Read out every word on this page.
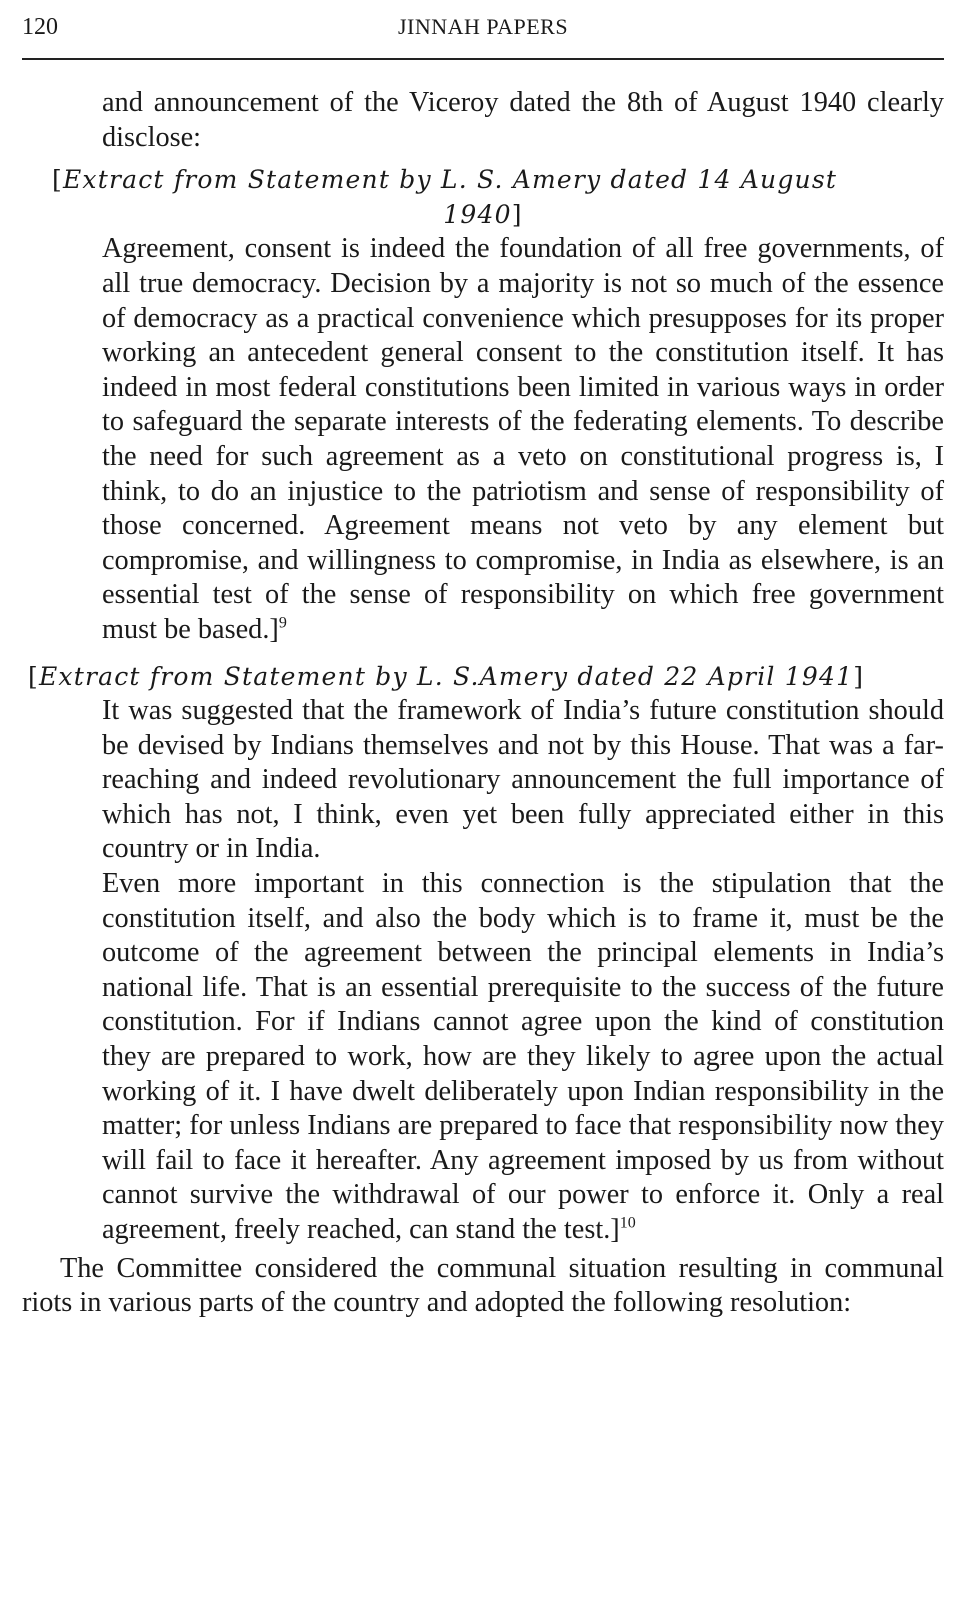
120	JINNAH PAPERS

and announcement of the Viceroy dated the 8th of August 1940 clearly disclose:

[Extract from Statement by L. S. Amery dated 14 August
1940]

Agreement, consent is indeed the foundation of all free governments, of all true democracy. Decision by a majority is not so much of the essence of democracy as a practical convenience which presupposes for its proper working an antecedent general consent to the constitution itself. It has indeed in most federal constitutions been limited in various ways in order to safeguard the separate interests of the federating elements. To describe the need for such agreement as a veto on constitutional progress is, I think, to do an injustice to the patriotism and sense of responsibility of those concerned. Agreement means not veto by any element but compromise, and willingness to compromise, in India as elsewhere, is an essential test of the sense of responsibility on which free government must be based.]$^9$

[Extract from Statement by L. S.Amery dated 22 April 1941]

It was suggested that the framework of India’s future constitution should be devised by Indians themselves and not by this House. That was a far-reaching and indeed revolutionary announcement the full importance of which has not, I think, even yet been fully appreciated either in this country or in India.

Even more important in this connection is the stipulation that the constitution itself, and also the body which is to frame it, must be the outcome of the agreement between the principal elements in India’s national life. That is an essential prerequisite to the success of the future constitution. For if Indians cannot agree upon the kind of constitution they are prepared to work, how are they likely to agree upon the actual working of it. I have dwelt deliberately upon Indian responsibility in the matter; for unless Indians are prepared to face that responsibility now they will fail to face it hereafter. Any agreement imposed by us from without cannot survive the withdrawal of our power to enforce it. Only a real agreement, freely reached, can stand the test.]$^{10}$

The Committee considered the communal situation resulting in communal riots in various parts of the country and adopted the following resolution:
